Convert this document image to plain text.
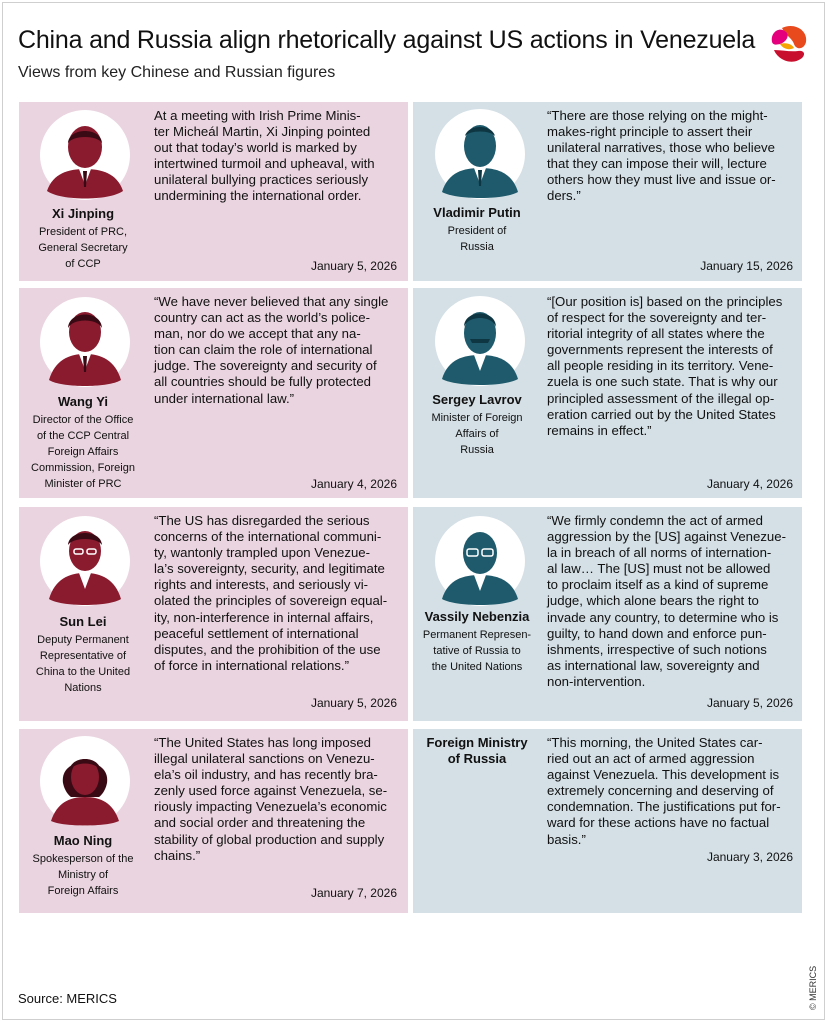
China and Russia align rhetorically against US actions in Venezuela
Views from key Chinese and Russian figures
Xi Jinping
President of PRC,
General Secretary
of CCP
At a meeting with Irish Prime Minis-
ter Micheál Martin, Xi Jinping pointed
out that today’s world is marked by
intertwined turmoil and upheaval, with
unilateral bullying practices seriously
undermining the international order.
January 5, 2026
Vladimir Putin
President of
Russia
“There are those relying on the might-
makes-right principle to assert their
unilateral narratives, those who believe
that they can impose their will, lecture
others how they must live and issue or-
ders.”
January 15, 2026
Wang Yi
Director of the Office
of the CCP Central
Foreign Affairs
Commission, Foreign
Minister of PRC
“We have never believed that any single
country can act as the world’s police-
man, nor do we accept that any na-
tion can claim the role of international
judge. The sovereignty and security of
all countries should be fully protected
under international law.”
January 4, 2026
Sergey Lavrov
Minister of Foreign
Affairs of
Russia
“[Our position is] based on the principles
of respect for the sovereignty and ter-
ritorial integrity of all states where the
governments represent the interests of
all people residing in its territory. Vene-
zuela is one such state. That is why our
principled assessment of the illegal op-
eration carried out by the United States
remains in effect.”
January 4, 2026
Sun Lei
Deputy Permanent
Representative of
China to the United
Nations
“The US has disregarded the serious
concerns of the international communi-
ty, wantonly trampled upon Venezue-
la’s sovereignty, security, and legitimate
rights and interests, and seriously vi-
olated the principles of sovereign equal-
ity, non-interference in internal affairs,
peaceful settlement of international
disputes, and the prohibition of the use
of force in international relations.”
January 5, 2026
Vassily Nebenzia
Permanent Represen-
tative of Russia to
the United Nations
“We firmly condemn the act of armed
aggression by the [US] against Venezue-
la in breach of all norms of internation-
al law… The [US] must not be allowed
to proclaim itself as a kind of supreme
judge, which alone bears the right to
invade any country, to determine who is
guilty, to hand down and enforce pun-
ishments, irrespective of such notions
as international law, sovereignty and
non-intervention.
January 5, 2026
Mao Ning
Spokesperson of the
Ministry of
Foreign Affairs
“The United States has long imposed
illegal unilateral sanctions on Venezu-
ela’s oil industry, and has recently bra-
zenly used force against Venezuela, se-
riously impacting Venezuela’s economic
and social order and threatening the
stability of global production and supply
chains.”
January 7, 2026
Foreign Ministry
of Russia
“This morning, the United States car-
ried out an act of armed aggression
against Venezuela. This development is
extremely concerning and deserving of
condemnation. The justifications put for-
ward for these actions have no factual
basis.”
January 3, 2026
Source: MERICS	© MERICS
